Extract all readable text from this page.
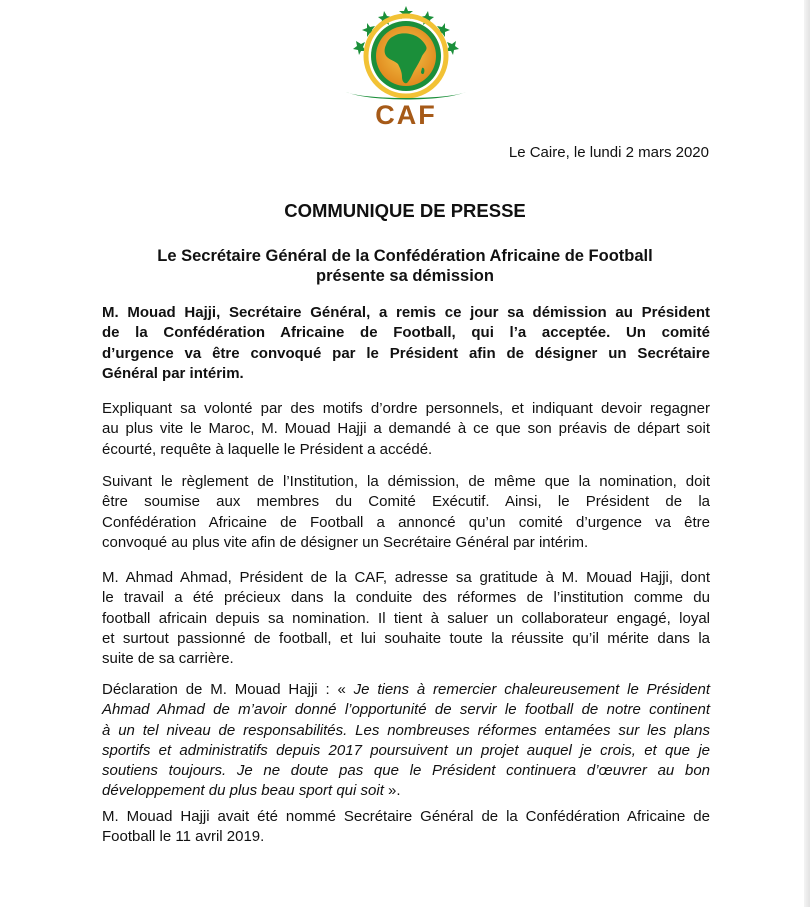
CAF
Le Caire, le lundi 2 mars 2020
COMMUNIQUE DE PRESSE
Le Secrétaire Général de la Confédération Africaine de Football
présente sa démission
M. Mouad Hajji, Secrétaire Général, a remis ce jour sa démission au Président
de la Confédération Africaine de Football, qui l’a acceptée. Un comité
d’urgence va être convoqué par le Président afin de désigner un Secrétaire
Général par intérim.
Expliquant sa volonté par des motifs d’ordre personnels, et indiquant devoir regagner
au plus vite le Maroc, M. Mouad Hajji a demandé à ce que son préavis de départ soit
écourté, requête à laquelle le Président a accédé.
Suivant le règlement de l’Institution, la démission, de même que la nomination, doit
être soumise aux membres du Comité Exécutif. Ainsi, le Président de la
Confédération Africaine de Football a annoncé qu’un comité d’urgence va être
convoqué au plus vite afin de désigner un Secrétaire Général par intérim.
M. Ahmad Ahmad, Président de la CAF, adresse sa gratitude à M. Mouad Hajji, dont
le travail a été précieux dans la conduite des réformes de l’institution comme du
football africain depuis sa nomination. Il tient à saluer un collaborateur engagé, loyal
et surtout passionné de football, et lui souhaite toute la réussite qu’il mérite dans la
suite de sa carrière.
Déclaration de M. Mouad Hajji : « Je tiens à remercier chaleureusement le Président
Ahmad Ahmad de m’avoir donné l’opportunité de servir le football de notre continent
à un tel niveau de responsabilités. Les nombreuses réformes entamées sur les plans
sportifs et administratifs depuis 2017 poursuivent un projet auquel je crois, et que je
soutiens toujours. Je ne doute pas que le Président continuera d’œuvrer au bon
développement du plus beau sport qui soit ».
M. Mouad Hajji avait été nommé Secrétaire Général de la Confédération Africaine de
Football le 11 avril 2019.
